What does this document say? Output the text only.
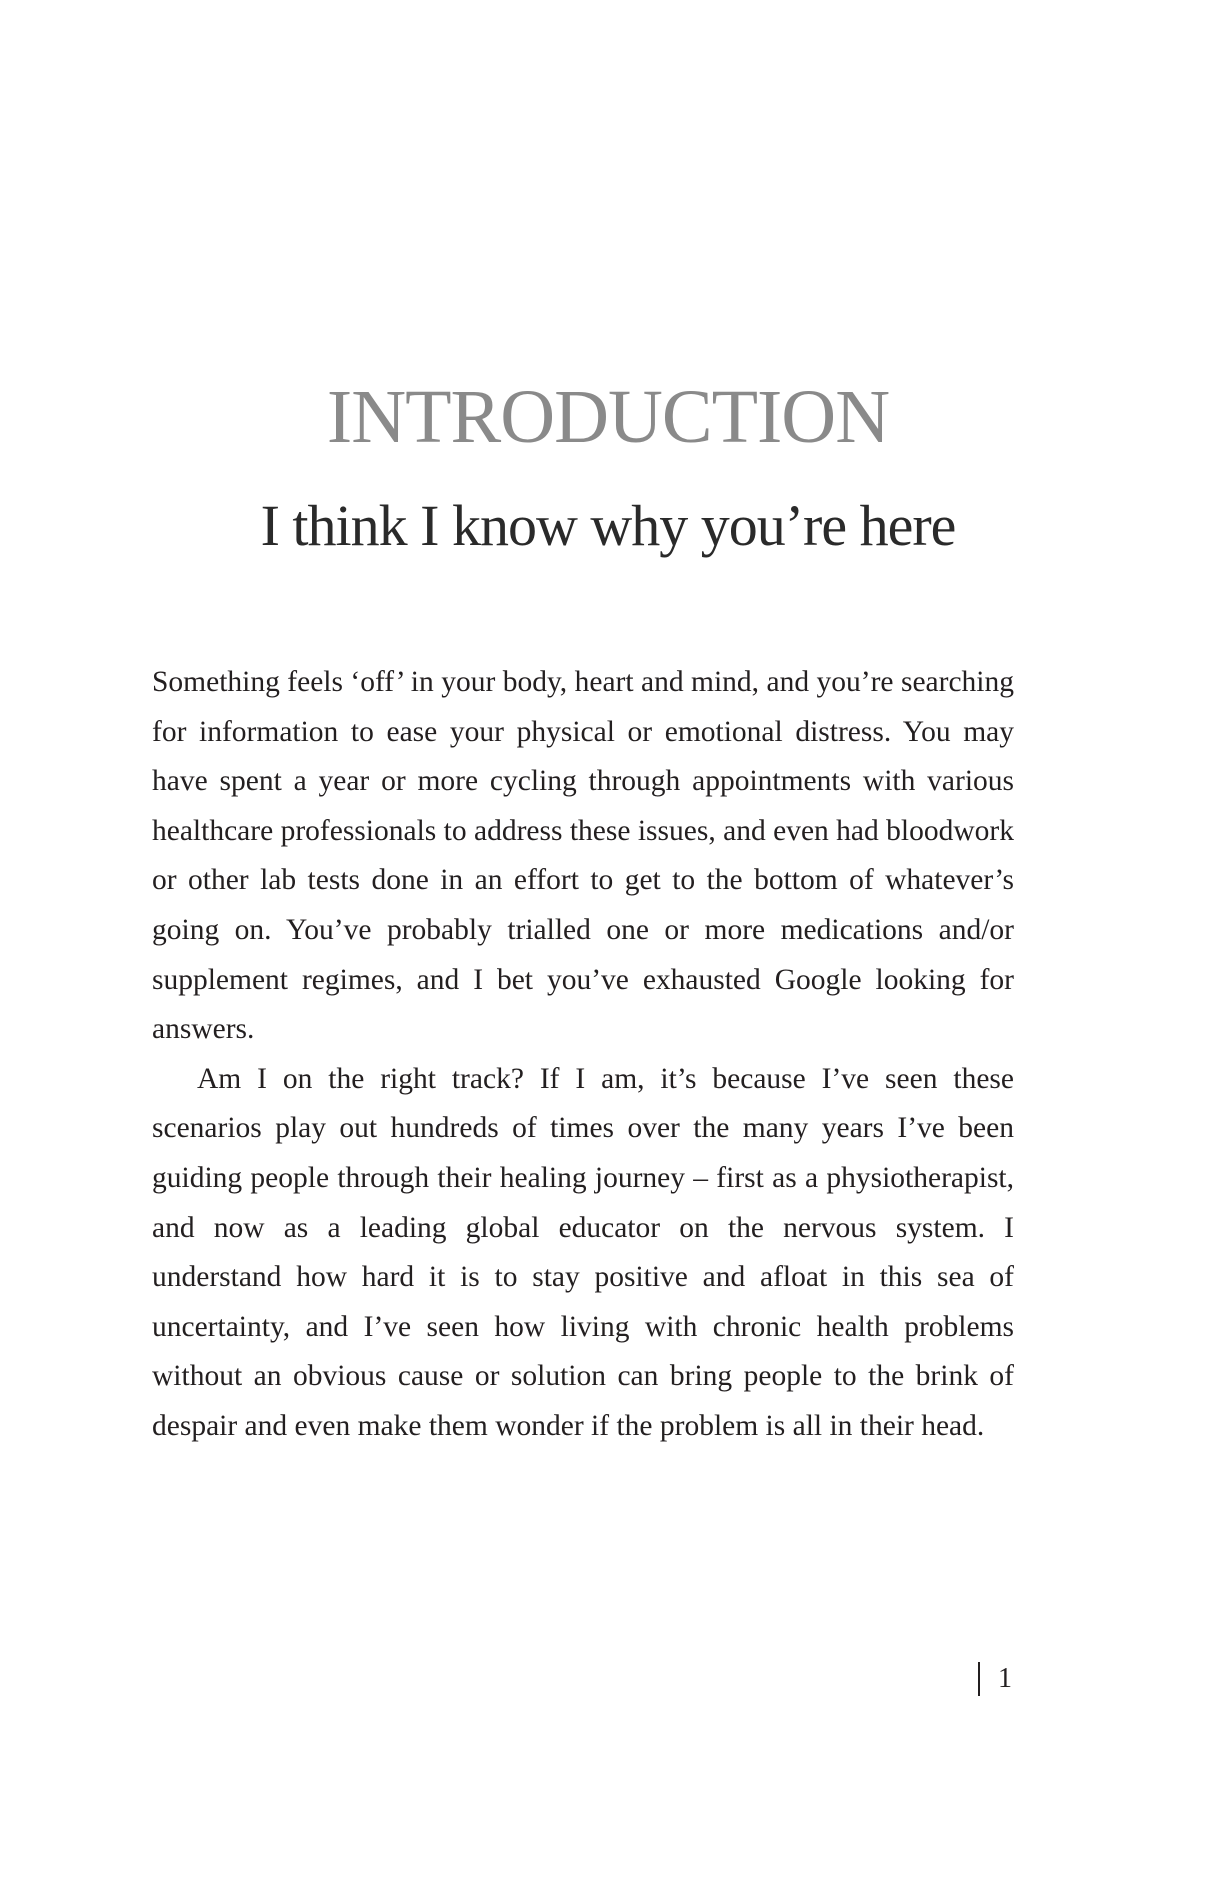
INTRODUCTION
I think I know why you’re here

Something feels ‘off’ in your body, heart and mind, and you’re searching for information to ease your physical or emotional distress. You may have spent a year or more cycling through appointments with various healthcare professionals to address these issues, and even had bloodwork or other lab tests done in an effort to get to the bottom of whatever’s going on. You’ve probably trialled one or more medications and/or supplement regimes, and I bet you’ve exhausted Google looking for answers.

Am I on the right track? If I am, it’s because I’ve seen these scenarios play out hundreds of times over the many years I’ve been guiding people through their healing journey – first as a physiotherapist, and now as a leading global educator on the nervous system. I understand how hard it is to stay positive and afloat in this sea of uncertainty, and I’ve seen how living with chronic health problems without an obvious cause or solution can bring people to the brink of despair and even make them wonder if the problem is all in their head.

1
